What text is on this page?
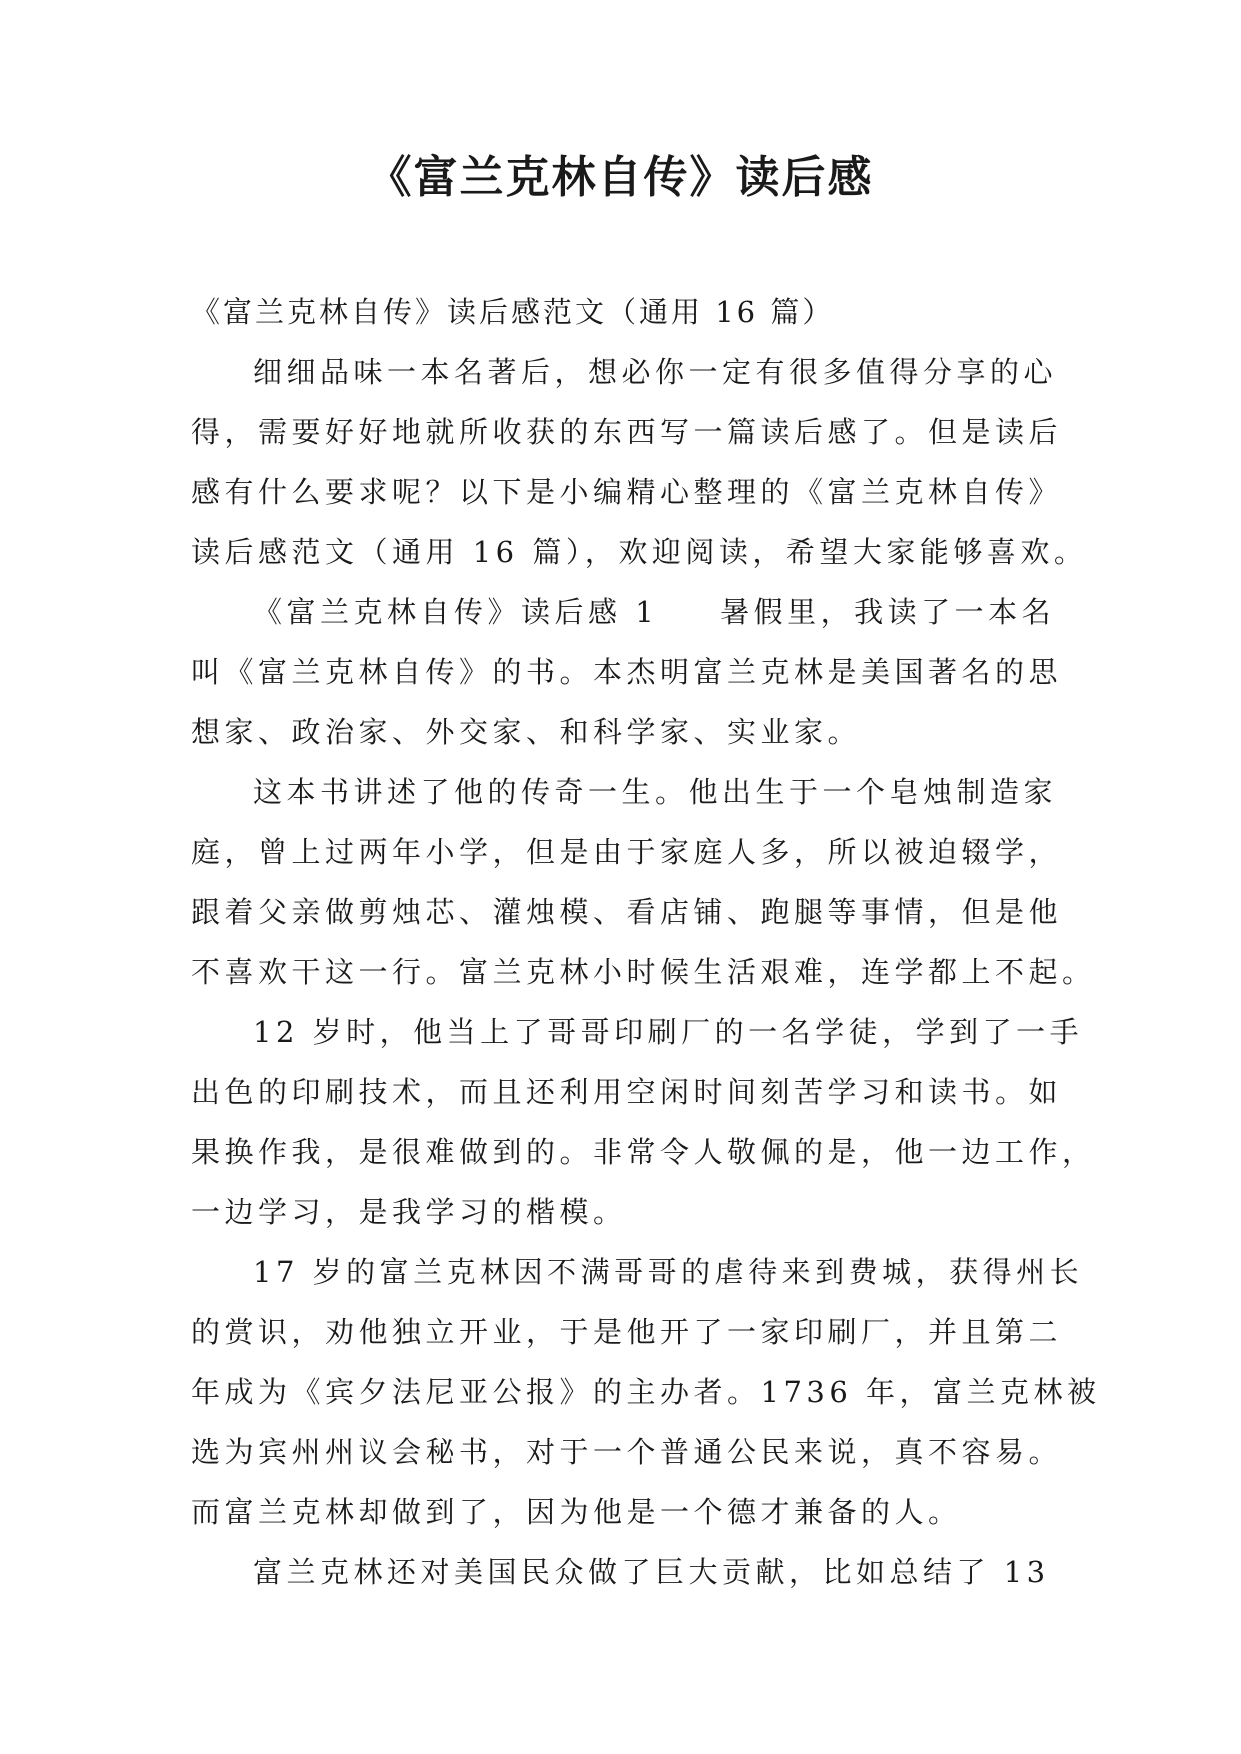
《富兰克林自传》读后感

《富兰克林自传》读后感范文（通用 16 篇）

细细品味一本名著后，想必你一定有很多值得分享的心

得，需要好好地就所收获的东西写一篇读后感了。但是读后

感有什么要求呢？以下是小编精心整理的《富兰克林自传》

读后感范文（通用 16 篇），欢迎阅读，希望大家能够喜欢。

《富兰克林自传》读后感 1 暑假里，我读了一本名

叫《富兰克林自传》的书。本杰明富兰克林是美国著名的思

想家、政治家、外交家、和科学家、实业家。

这本书讲述了他的传奇一生。他出生于一个皂烛制造家

庭，曾上过两年小学，但是由于家庭人多，所以被迫辍学，

跟着父亲做剪烛芯、灌烛模、看店铺、跑腿等事情，但是他

不喜欢干这一行。富兰克林小时候生活艰难，连学都上不起。

12 岁时，他当上了哥哥印刷厂的一名学徒，学到了一手

出色的印刷技术，而且还利用空闲时间刻苦学习和读书。如

果换作我，是很难做到的。非常令人敬佩的是，他一边工作，

一边学习，是我学习的楷模。

17 岁的富兰克林因不满哥哥的虐待来到费城，获得州长

的赏识，劝他独立开业，于是他开了一家印刷厂，并且第二

年成为《宾夕法尼亚公报》的主办者。1736 年，富兰克林被

选为宾州州议会秘书，对于一个普通公民来说，真不容易。

而富兰克林却做到了，因为他是一个德才兼备的人。

富兰克林还对美国民众做了巨大贡献，比如总结了 13
